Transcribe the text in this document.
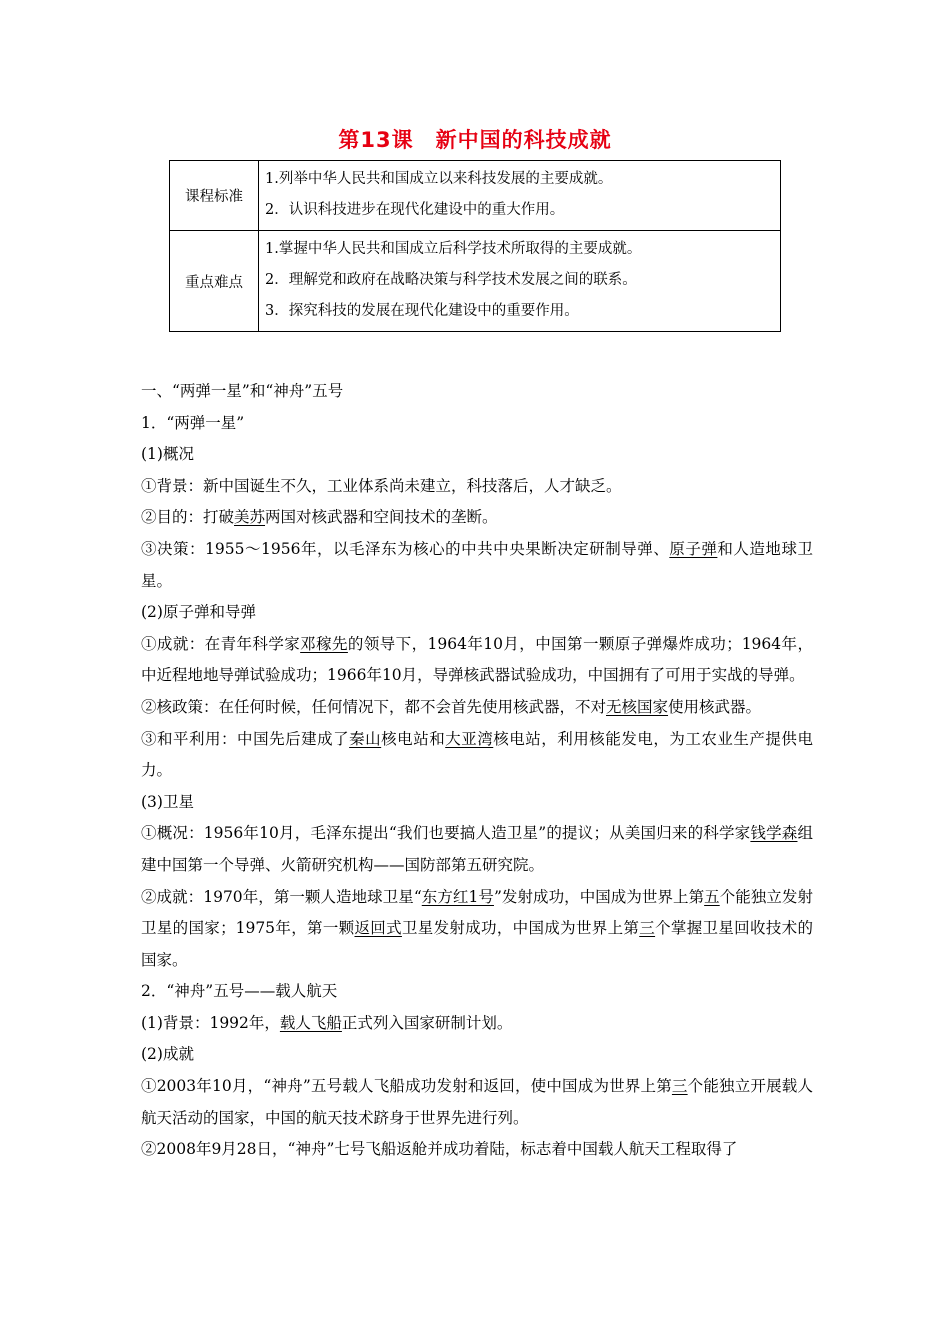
第13课　新中国的科技成就
课程标准	1.列举中华人民共和国成立以来科技发展的主要成就。
2．认识科技进步在现代化建设中的重大作用。

重点难点	1.掌握中华人民共和国成立后科学技术所取得的主要成就。
2．理解党和政府在战略决策与科学技术发展之间的联系。
3．探究科技的发展在现代化建设中的重要作用。

一、“两弹一星”和“神舟”五号

1．“两弹一星”

(1)概况

①背景：新中国诞生不久，工业体系尚未建立，科技落后，人才缺乏。

②目的：打破美苏两国对核武器和空间技术的垄断。

③决策：1955～1956年，以毛泽东为核心的中共中央果断决定研制导弹、原子弹和人造地球卫星。

(2)原子弹和导弹

①成就：在青年科学家邓稼先的领导下，1964年10月，中国第一颗原子弹爆炸成功；1964年，中近程地地导弹试验成功；1966年10月，导弹核武器试验成功，中国拥有了可用于实战的导弹。

②核政策：在任何时候，任何情况下，都不会首先使用核武器，不对无核国家使用核武器。

③和平利用：中国先后建成了秦山核电站和大亚湾核电站，利用核能发电，为工农业生产提供电力。

(3)卫星

①概况：1956年10月，毛泽东提出“我们也要搞人造卫星”的提议；从美国归来的科学家钱学森组建中国第一个导弹、火箭研究机构——国防部第五研究院。

②成就：1970年，第一颗人造地球卫星“东方红1号”发射成功，中国成为世界上第五个能独立发射卫星的国家；1975年，第一颗返回式卫星发射成功，中国成为世界上第三个掌握卫星回收技术的国家。

2．“神舟”五号——载人航天

(1)背景：1992年，载人飞船正式列入国家研制计划。

(2)成就

①2003年10月，“神舟”五号载人飞船成功发射和返回，使中国成为世界上第三个能独立开展载人航天活动的国家，中国的航天技术跻身于世界先进行列。

②2008年9月28日，“神舟”七号飞船返舱并成功着陆，标志着中国载人航天工程取得了
